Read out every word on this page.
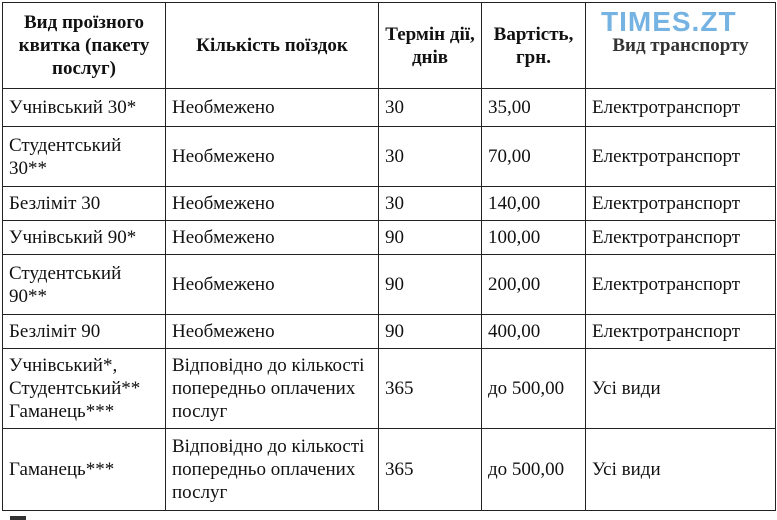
Вид проїзного квитка (пакету послуг)	Кількість поїздок	Термін дії, днів	Вартість, грн.	Вид транспорту
Учнівський 30*	Необмежено	30	35,00	Електротранспорт
Студентський 30**	Необмежено	30	70,00	Електротранспорт
Безліміт 30	Необмежено	30	140,00	Електротранспорт
Учнівський 90*	Необмежено	90	100,00	Електротранспорт
Студентський 90**	Необмежено	90	200,00	Електротранспорт
Безліміт 90	Необмежено	90	400,00	Електротранспорт
Учнівський*, Студентський** Гаманець***	Відповідно до кількості попередньо оплачених послуг	365	до 500,00	Усі види
Гаманець***	Відповідно до кількості попередньо оплачених послуг	365	до 500,00	Усі види
TIMES.ZT
